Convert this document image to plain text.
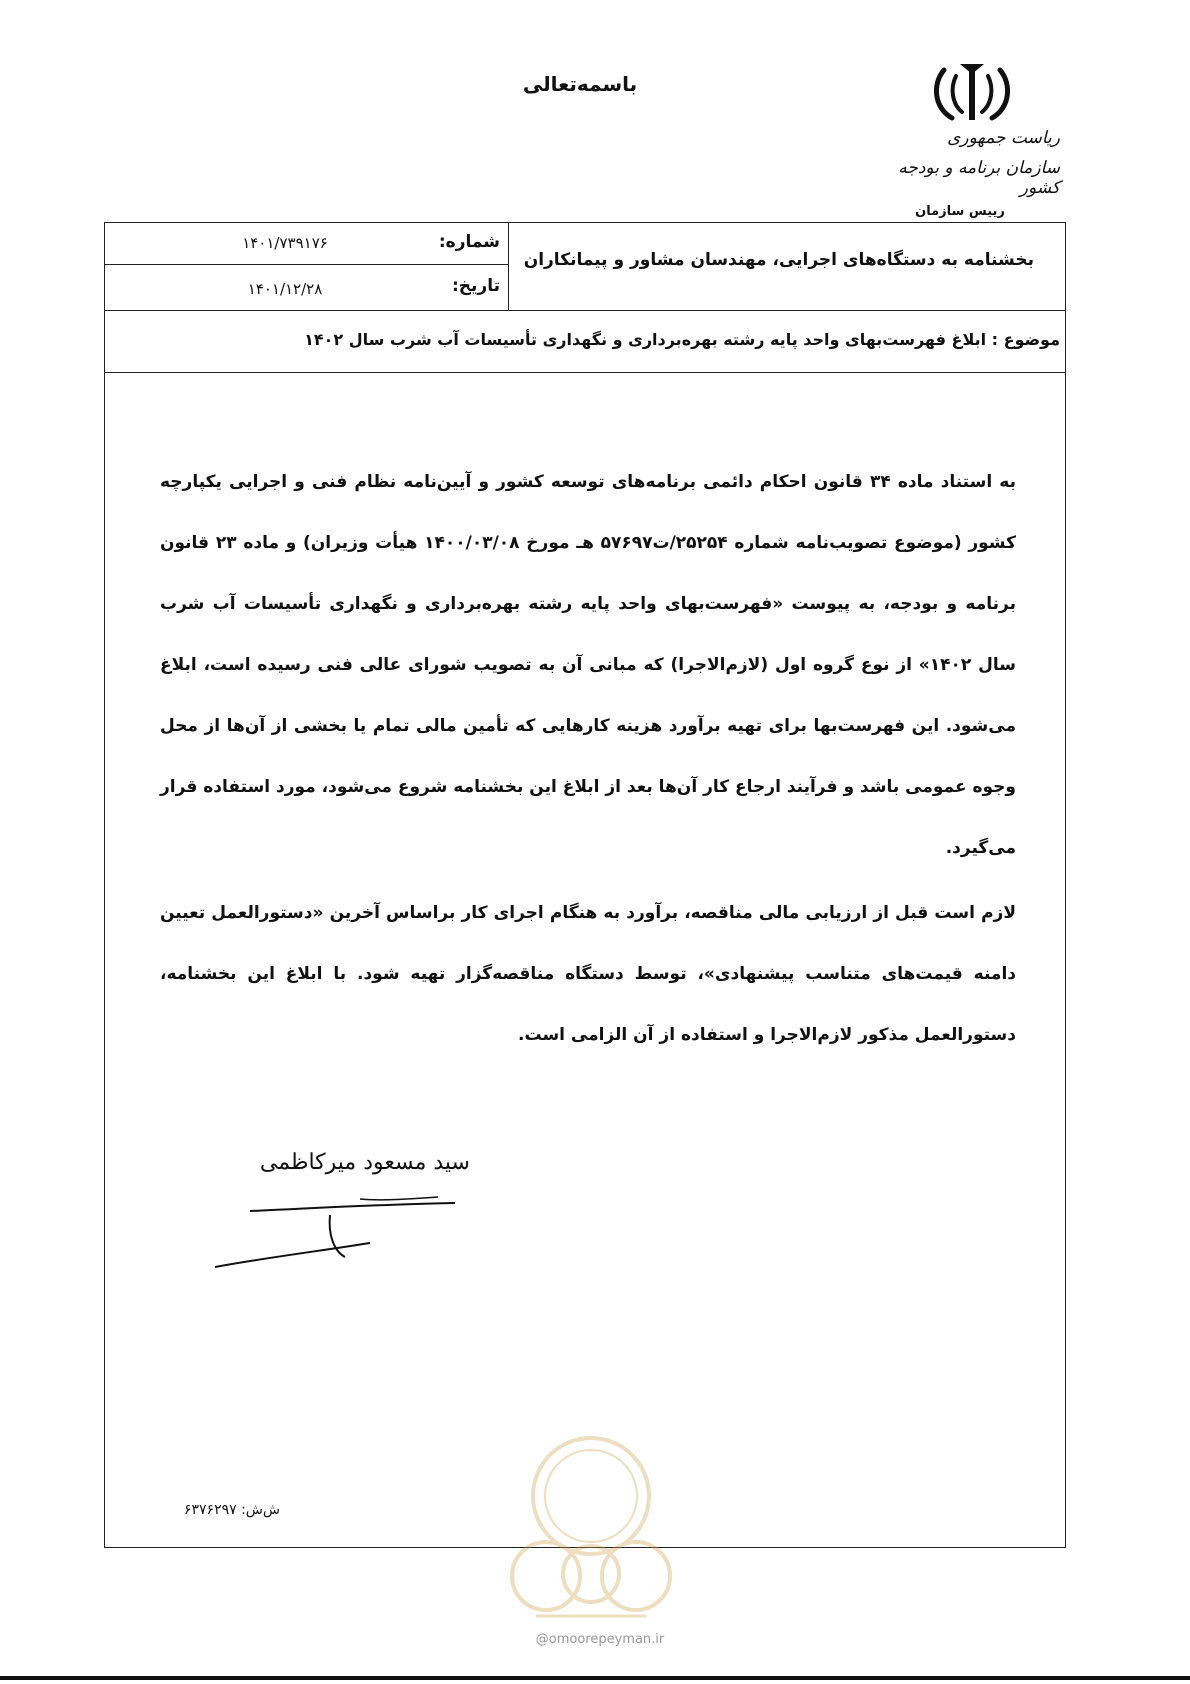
باسمه‌تعالی
ریاست جمهوری
سازمان برنامه و بودجه کشور
رییس سازمان
بخشنامه به دستگاه‌های اجرایی، مهندسان مشاور و پیمانکاران
شماره:
۱۴۰۱/۷۳۹۱۷۶
تاریخ:
۱۴۰۱/۱۲/۲۸
موضوع : ابلاغ فهرست‌بهای واحد پایه رشته بهره‌برداری و نگهداری تأسیسات آب شرب سال ۱۴۰۲

به استناد ماده ۳۴ قانون احکام دائمی برنامه‌های توسعه کشور و آیین‌نامه نظام فنی و اجرایی یکپارچه کشور (موضوع تصویب‌نامه شماره ۲۵۲۵۴/ت۵۷۶۹۷ هـ مورخ ۱۴۰۰/۰۳/۰۸ هیأت وزیران) و ماده ۲۳ قانون برنامه و بودجه، به پیوست «فهرست‌بهای واحد پایه رشته بهره‌برداری و نگهداری تأسیسات آب شرب سال ۱۴۰۲» از نوع گروه اول (لازم‌الاجرا) که مبانی آن به تصویب شورای عالی فنی رسیده است، ابلاغ می‌شود. این فهرست‌بها برای تهیه برآورد هزینه کارهایی که تأمین مالی تمام یا بخشی از آن‌ها از محل وجوه عمومی باشد و فرآیند ارجاع کار آن‌ها بعد از ابلاغ این بخشنامه شروع می‌شود، مورد استفاده قرار می‌گیرد.

لازم است قبل از ارزیابی مالی مناقصه، برآورد به هنگام اجرای کار براساس آخرین «دستورالعمل تعیین دامنه قیمت‌های متناسب پیشنهادی»، توسط دستگاه مناقصه‌گزار تهیه شود. با ابلاغ این بخشنامه، دستورالعمل مذکور لازم‌الاجرا و استفاده از آن الزامی است.

سید مسعود میرکاظمی
ش‌ش: ۶۳۷۶۲۹۷
@omoorepeyman.ir
